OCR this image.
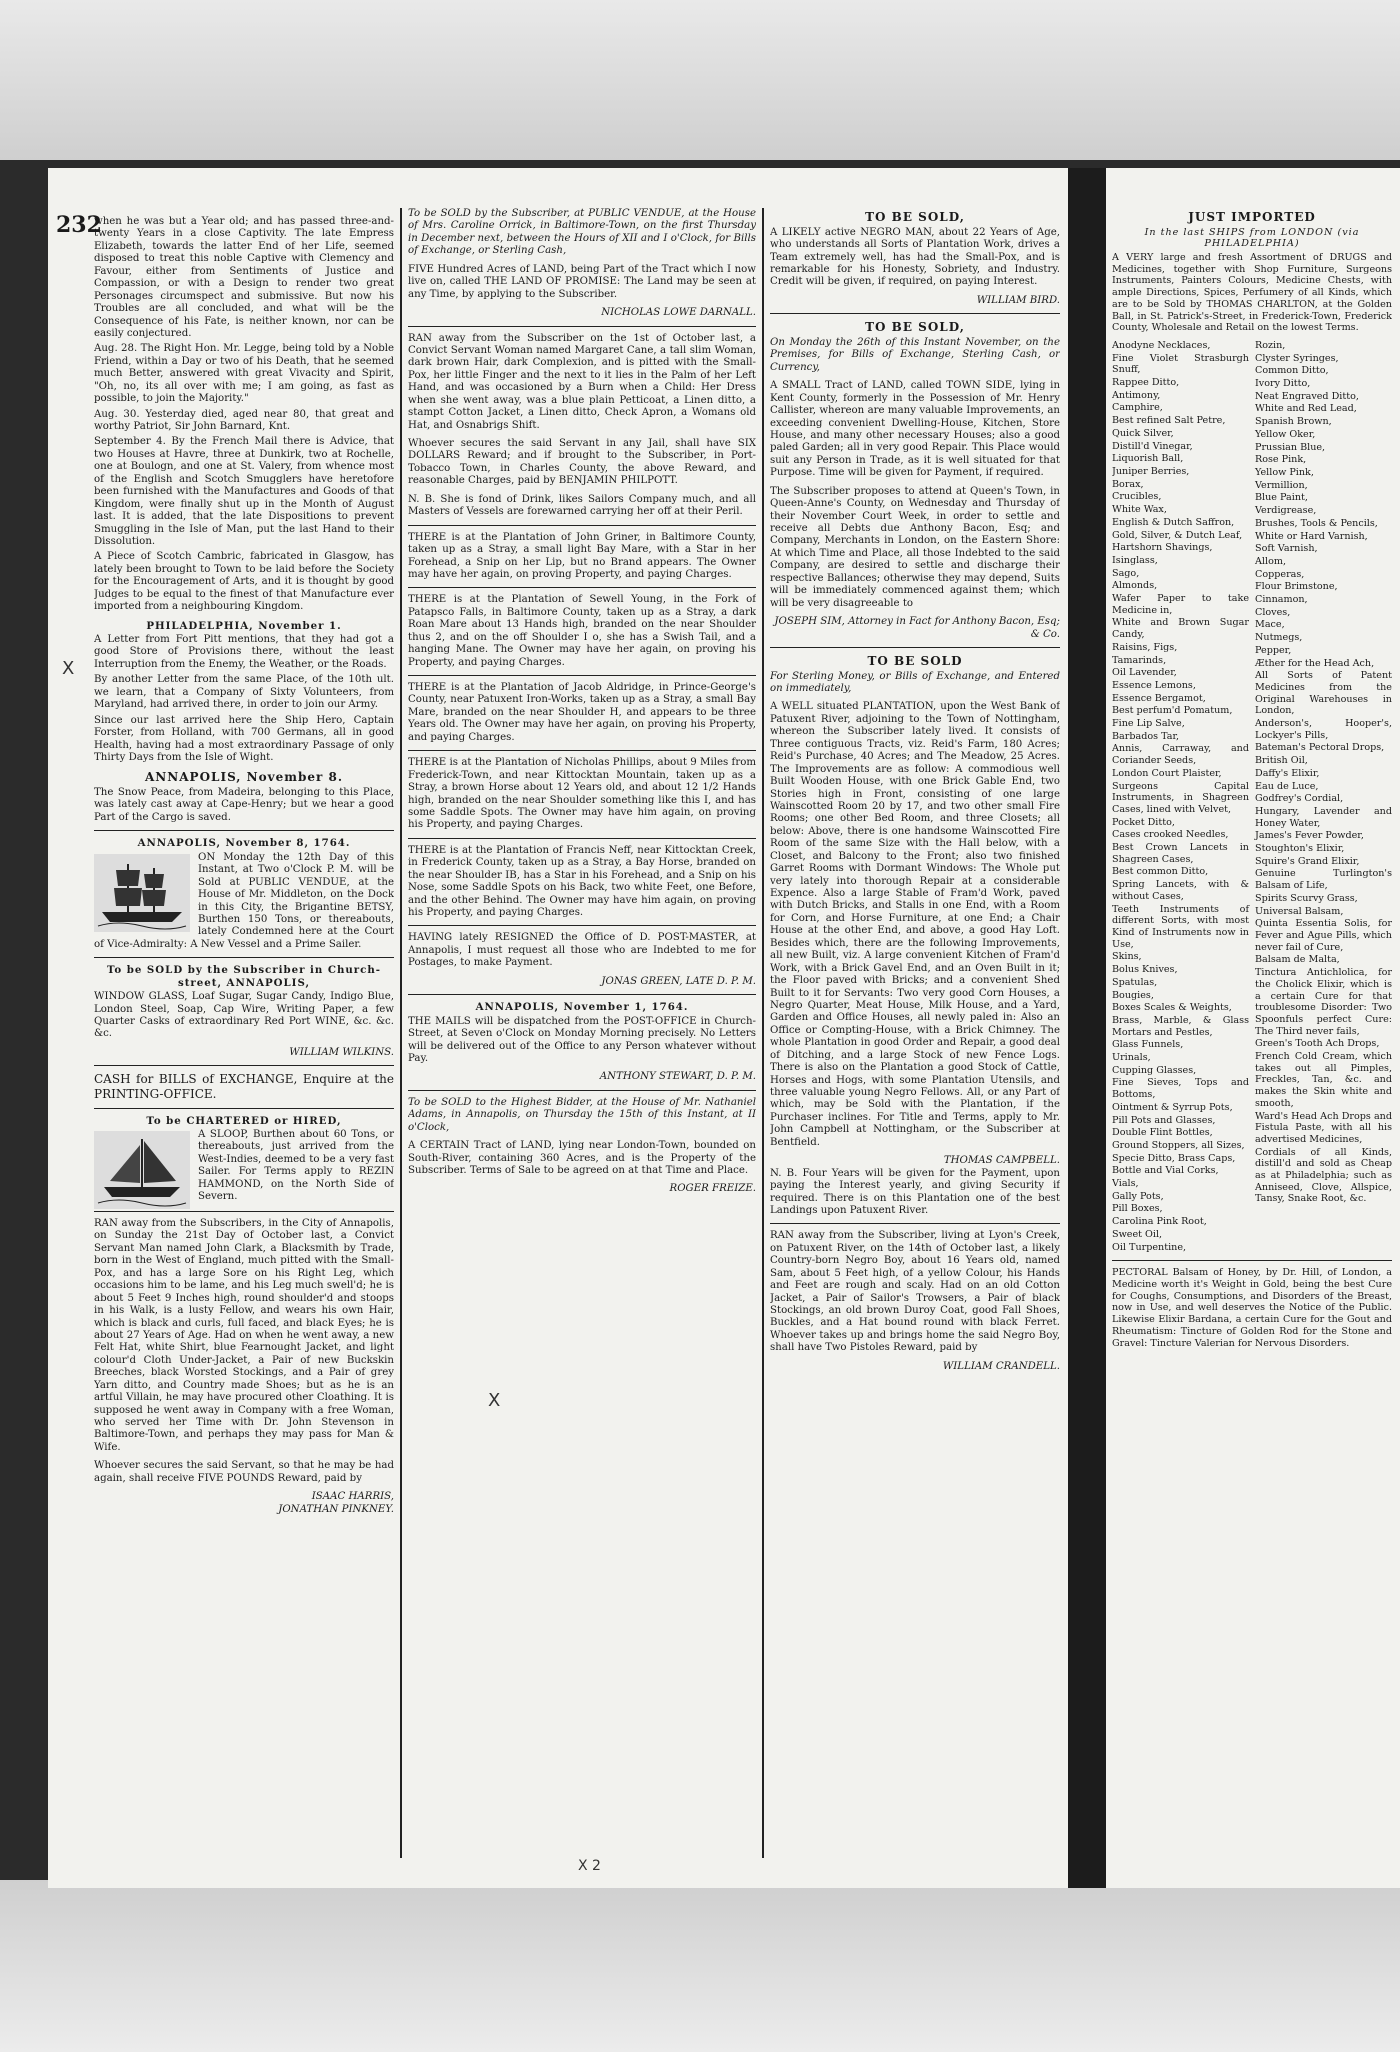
232

when he was but a Year old; and has passed three-and-twenty Years in a close Captivity. The late Empress Elizabeth, towards the latter End of her Life, seemed disposed to treat this noble Captive with Clemency and Favour, either from Sentiments of Justice and Compassion, or with a Design to render two great Personages circumspect and submissive. But now his Troubles are all concluded, and what will be the Consequence of his Fate, is neither known, nor can be easily conjectured.

Aug. 28. The Right Hon. Mr. Legge, being told by a Noble Friend, within a Day or two of his Death, that he seemed much Better, answered with great Vivacity and Spirit, "Oh, no, its all over with me; I am going, as fast as possible, to join the Majority."

Aug. 30. Yesterday died, aged near 80, that great and worthy Patriot, Sir John Barnard, Knt.

September 4. By the French Mail there is Advice, that two Houses at Havre, three at Dunkirk, two at Rochelle, one at Boulogn, and one at St. Valery, from whence most of the English and Scotch Smugglers have heretofore been furnished with the Manufactures and Goods of that Kingdom, were finally shut up in the Month of August last. It is added, that the late Dispositions to prevent Smuggling in the Isle of Man, put the last Hand to their Dissolution.

A Piece of Scotch Cambric, fabricated in Glasgow, has lately been brought to Town to be laid before the Society for the Encouragement of Arts, and it is thought by good Judges to be equal to the finest of that Manufacture ever imported from a neighbouring Kingdom.

PHILADELPHIA, November 1.

A Letter from Fort Pitt mentions, that they had got a good Store of Provisions there, without the least Interruption from the Enemy, the Weather, or the Roads.

By another Letter from the same Place, of the 10th ult. we learn, that a Company of Sixty Volunteers, from Maryland, had arrived there, in order to join our Army.

Since our last arrived here the Ship Hero, Captain Forster, from Holland, with 700 Germans, all in good Health, having had a most extraordinary Passage of only Thirty Days from the Isle of Wight.

ANNAPOLIS, November 8.

The Snow Peace, from Madeira, belonging to this Place, was lately cast away at Cape-Henry; but we hear a good Part of the Cargo is saved.

ANNAPOLIS, November 8, 1764.

ON Monday the 12th Day of this Instant, at Two o'Clock P. M. will be Sold at PUBLIC VENDUE, at the House of Mr. Middleton, on the Dock in this City, the Brigantine BETSY, Burthen 150 Tons, or thereabouts, lately Condemned here at the Court of Vice-Admiralty: A New Vessel and a Prime Sailer.

To be SOLD by the Subscriber in Church-street, ANNAPOLIS,

WINDOW GLASS, Loaf Sugar, Sugar Candy, Indigo Blue, London Steel, Soap, Cap Wire, Writing Paper, a few Quarter Casks of extraordinary Red Port WINE, &c. &c. &c.

WILLIAM WILKINS.

CASH for BILLS of EXCHANGE, Enquire at the PRINTING-OFFICE.

To be CHARTERED or HIRED,

A SLOOP, Burthen about 60 Tons, or thereabouts, just arrived from the West-Indies, deemed to be a very fast Sailer. For Terms apply to REZIN HAMMOND, on the North Side of Severn.

RAN away from the Subscribers, in the City of Annapolis, on Sunday the 21st Day of October last, a Convict Servant Man named John Clark, a Blacksmith by Trade, born in the West of England, much pitted with the Small-Pox, and has a large Sore on his Right Leg, which occasions him to be lame, and his Leg much swell'd; he is about 5 Feet 9 Inches high, round shoulder'd and stoops in his Walk, is a lusty Fellow, and wears his own Hair, which is black and curls, full faced, and black Eyes; he is about 27 Years of Age. Had on when he went away, a new Felt Hat, white Shirt, blue Fearnought Jacket, and light colour'd Cloth Under-Jacket, a Pair of new Buckskin Breeches, black Worsted Stockings, and a Pair of grey Yarn ditto, and Country made Shoes; but as he is an artful Villain, he may have procured other Cloathing. It is supposed he went away in Company with a free Woman, who served her Time with Dr. John Stevenson in Baltimore-Town, and perhaps they may pass for Man & Wife.

Whoever secures the said Servant, so that he may be had again, shall receive FIVE POUNDS Reward, paid by

ISAAC HARRIS,
JONATHAN PINKNEY.

To be SOLD by the Subscriber, at PUBLIC VENDUE, at the House of Mrs. Caroline Orrick, in Baltimore-Town, on the first Thursday in December next, between the Hours of XII and I o'Clock, for Bills of Exchange, or Sterling Cash,

FIVE Hundred Acres of LAND, being Part of the Tract which I now live on, called THE LAND OF PROMISE: The Land may be seen at any Time, by applying to the Subscriber.

NICHOLAS LOWE DARNALL.

RAN away from the Subscriber on the 1st of October last, a Convict Servant Woman named Margaret Cane, a tall slim Woman, dark brown Hair, dark Complexion, and is pitted with the Small-Pox, her little Finger and the next to it lies in the Palm of her Left Hand, and was occasioned by a Burn when a Child: Her Dress when she went away, was a blue plain Petticoat, a Linen ditto, a stampt Cotton Jacket, a Linen ditto, Check Apron, a Womans old Hat, and Osnabrigs Shift.

Whoever secures the said Servant in any Jail, shall have SIX DOLLARS Reward; and if brought to the Subscriber, in Port-Tobacco Town, in Charles County, the above Reward, and reasonable Charges, paid by BENJAMIN PHILPOTT.

N. B. She is fond of Drink, likes Sailors Company much, and all Masters of Vessels are forewarned carrying her off at their Peril.

THERE is at the Plantation of John Griner, in Baltimore County, taken up as a Stray, a small light Bay Mare, with a Star in her Forehead, a Snip on her Lip, but no Brand appears. The Owner may have her again, on proving Property, and paying Charges.

THERE is at the Plantation of Sewell Young, in the Fork of Patapsco Falls, in Baltimore County, taken up as a Stray, a dark Roan Mare about 13 Hands high, branded on the near Shoulder thus 2, and on the off Shoulder I o, she has a Swish Tail, and a hanging Mane. The Owner may have her again, on proving his Property, and paying Charges.

THERE is at the Plantation of Jacob Aldridge, in Prince-George's County, near Patuxent Iron-Works, taken up as a Stray, a small Bay Mare, branded on the near Shoulder H, and appears to be three Years old. The Owner may have her again, on proving his Property, and paying Charges.

THERE is at the Plantation of Nicholas Phillips, about 9 Miles from Frederick-Town, and near Kittocktan Mountain, taken up as a Stray, a brown Horse about 12 Years old, and about 12 1/2 Hands high, branded on the near Shoulder something like this I, and has some Saddle Spots. The Owner may have him again, on proving his Property, and paying Charges.

THERE is at the Plantation of Francis Neff, near Kittocktan Creek, in Frederick County, taken up as a Stray, a Bay Horse, branded on the near Shoulder IB, has a Star in his Forehead, and a Snip on his Nose, some Saddle Spots on his Back, two white Feet, one Before, and the other Behind. The Owner may have him again, on proving his Property, and paying Charges.

HAVING lately RESIGNED the Office of D. POST-MASTER, at Annapolis, I must request all those who are Indebted to me for Postages, to make Payment.

JONAS GREEN, LATE D. P. M.
ANNAPOLIS, November 1, 1764.

THE MAILS will be dispatched from the POST-OFFICE in Church-Street, at Seven o'Clock on Monday Morning precisely. No Letters will be delivered out of the Office to any Person whatever without Pay.

ANTHONY STEWART, D. P. M.

To be SOLD to the Highest Bidder, at the House of Mr. Nathaniel Adams, in Annapolis, on Thursday the 15th of this Instant, at II o'Clock,

A CERTAIN Tract of LAND, lying near London-Town, bounded on South-River, containing 360 Acres, and is the Property of the Subscriber. Terms of Sale to be agreed on at that Time and Place.

ROGER FREIZE.
TO BE SOLD,

A LIKELY active NEGRO MAN, about 22 Years of Age, who understands all Sorts of Plantation Work, drives a Team extremely well, has had the Small-Pox, and is remarkable for his Honesty, Sobriety, and Industry. Credit will be given, if required, on paying Interest.

WILLIAM BIRD.
TO BE SOLD,

On Monday the 26th of this Instant November, on the Premises, for Bills of Exchange, Sterling Cash, or Currency,

A SMALL Tract of LAND, called TOWN SIDE, lying in Kent County, formerly in the Possession of Mr. Henry Callister, whereon are many valuable Improvements, an exceeding convenient Dwelling-House, Kitchen, Store House, and many other necessary Houses; also a good paled Garden; all in very good Repair. This Place would suit any Person in Trade, as it is well situated for that Purpose. Time will be given for Payment, if required.

The Subscriber proposes to attend at Queen's Town, in Queen-Anne's County, on Wednesday and Thursday of their November Court Week, in order to settle and receive all Debts due Anthony Bacon, Esq; and Company, Merchants in London, on the Eastern Shore: At which Time and Place, all those Indebted to the said Company, are desired to settle and discharge their respective Ballances; otherwise they may depend, Suits will be immediately commenced against them; which will be very disagreeable to

JOSEPH SIM, Attorney in Fact for Anthony Bacon, Esq; & Co.
TO BE SOLD

For Sterling Money, or Bills of Exchange, and Entered on immediately,

A WELL situated PLANTATION, upon the West Bank of Patuxent River, adjoining to the Town of Nottingham, whereon the Subscriber lately lived. It consists of Three contiguous Tracts, viz. Reid's Farm, 180 Acres; Reid's Purchase, 40 Acres; and The Meadow, 25 Acres. The Improvements are as follow: A commodious well Built Wooden House, with one Brick Gable End, two Stories high in Front, consisting of one large Wainscotted Room 20 by 17, and two other small Fire Rooms; one other Bed Room, and three Closets; all below: Above, there is one handsome Wainscotted Fire Room of the same Size with the Hall below, with a Closet, and Balcony to the Front; also two finished Garret Rooms with Dormant Windows: The Whole put very lately into thorough Repair at a considerable Expence. Also a large Stable of Fram'd Work, paved with Dutch Bricks, and Stalls in one End, with a Room for Corn, and Horse Furniture, at one End; a Chair House at the other End, and above, a good Hay Loft. Besides which, there are the following Improvements, all new Built, viz. A large convenient Kitchen of Fram'd Work, with a Brick Gavel End, and an Oven Built in it; the Floor paved with Bricks; and a convenient Shed Built to it for Servants: Two very good Corn Houses, a Negro Quarter, Meat House, Milk House, and a Yard, Garden and Office Houses, all newly paled in: Also an Office or Compting-House, with a Brick Chimney. The whole Plantation in good Order and Repair, a good deal of Ditching, and a large Stock of new Fence Logs. There is also on the Plantation a good Stock of Cattle, Horses and Hogs, with some Plantation Utensils, and three valuable young Negro Fellows. All, or any Part of which, may be Sold with the Plantation, if the Purchaser inclines. For Title and Terms, apply to Mr. John Campbell at Nottingham, or the Subscriber at Bentfield.

THOMAS CAMPBELL.

N. B. Four Years will be given for the Payment, upon paying the Interest yearly, and giving Security if required. There is on this Plantation one of the best Landings upon Patuxent River.

RAN away from the Subscriber, living at Lyon's Creek, on Patuxent River, on the 14th of October last, a likely Country-born Negro Boy, about 16 Years old, named Sam, about 5 Feet high, of a yellow Colour, his Hands and Feet are rough and scaly. Had on an old Cotton Jacket, a Pair of Sailor's Trowsers, a Pair of black Stockings, an old brown Duroy Coat, good Fall Shoes, Buckles, and a Hat bound round with black Ferret. Whoever takes up and brings home the said Negro Boy, shall have Two Pistoles Reward, paid by

WILLIAM CRANDELL.
JUST IMPORTED
In the last SHIPS from LONDON (via PHILADELPHIA)

A VERY large and fresh Assortment of DRUGS and Medicines, together with Shop Furniture, Surgeons Instruments, Painters Colours, Medicine Chests, with ample Directions, Spices, Perfumery of all Kinds, which are to be Sold by THOMAS CHARLTON, at the Golden Ball, in St. Patrick's-Street, in Frederick-Town, Frederick County, Wholesale and Retail on the lowest Terms.

Anodyne Necklaces,
Fine Violet Strasburgh Snuff,
Rappee Ditto,
Antimony,
Camphire,
Best refined Salt Petre,
Quick Silver,
Distill'd Vinegar,
Liquorish Ball,
Juniper Berries,
Borax,
Crucibles,
White Wax,
English & Dutch Saffron,
Gold, Silver, & Dutch Leaf,
Hartshorn Shavings,
Isinglass,
Sago,
Almonds,
Wafer Paper to take Medicine in,
White and Brown Sugar Candy,
Raisins, Figs,
Tamarinds,
Oil Lavender,
Essence Lemons,
Essence Bergamot,
Best perfum'd Pomatum,
Fine Lip Salve,
Barbados Tar,
Annis, Carraway, and Coriander Seeds,
London Court Plaister,
Surgeons Capital Instruments, in Shagreen Cases, lined with Velvet,
Pocket Ditto,
Cases crooked Needles,
Best Crown Lancets in Shagreen Cases,
Best common Ditto,
Spring Lancets, with & without Cases,
Teeth Instruments of different Sorts, with most Kind of Instruments now in Use,
Skins,
Bolus Knives,
Spatulas,
Bougies,
Boxes Scales & Weights,
Brass, Marble, & Glass Mortars and Pestles,
Glass Funnels,
Urinals,
Cupping Glasses,
Fine Sieves, Tops and Bottoms,
Ointment & Syrrup Pots,
Pill Pots and Glasses,
Double Flint Bottles,
Ground Stoppers, all Sizes,
Specie Ditto, Brass Caps,
Bottle and Vial Corks,
Vials,
Gally Pots,
Pill Boxes,
Carolina Pink Root,
Sweet Oil,
Oil Turpentine,
Rozin,
Clyster Syringes,
Common Ditto,
Ivory Ditto,
Neat Engraved Ditto,
White and Red Lead,
Spanish Brown,
Yellow Oker,
Prussian Blue,
Rose Pink,
Yellow Pink,
Vermillion,
Blue Paint,
Verdigrease,
Brushes, Tools & Pencils,
White or Hard Varnish,
Soft Varnish,
Allom,
Copperas,
Flour Brimstone,
Cinnamon,
Cloves,
Mace,
Nutmegs,
Pepper,
Æther for the Head Ach,
All Sorts of Patent Medicines from the Original Warehouses in London,
Anderson's, Hooper's, Lockyer's Pills,
Bateman's Pectoral Drops,
British Oil,
Daffy's Elixir,
Eau de Luce,
Godfrey's Cordial,
Hungary, Lavender and Honey Water,
James's Fever Powder,
Stoughton's Elixir,
Squire's Grand Elixir,
Genuine Turlington's Balsam of Life,
Spirits Scurvy Grass,
Universal Balsam,
Quinta Essentia Solis, for Fever and Ague Pills, which never fail of Cure,
Balsam de Malta,
Tinctura Antichlolica, for the Cholick Elixir, which is a certain Cure for that troublesome Disorder: Two Spoonfuls perfect Cure: The Third never fails,
Green's Tooth Ach Drops,
French Cold Cream, which takes out all Pimples, Freckles, Tan, &c. and makes the Skin white and smooth,
Ward's Head Ach Drops and Fistula Paste, with all his advertised Medicines,
Cordials of all Kinds, distill'd and sold as Cheap as at Philadelphia; such as Anniseed, Clove, Allspice, Tansy, Snake Root, &c.

PECTORAL Balsam of Honey, by Dr. Hill, of London, a Medicine worth it's Weight in Gold, being the best Cure for Coughs, Consumptions, and Disorders of the Breast, now in Use, and well deserves the Notice of the Public. Likewise Elixir Bardana, a certain Cure for the Gout and Rheumatism: Tincture of Golden Rod for the Stone and Gravel: Tincture Valerian for Nervous Disorders.

X
X
X 2
